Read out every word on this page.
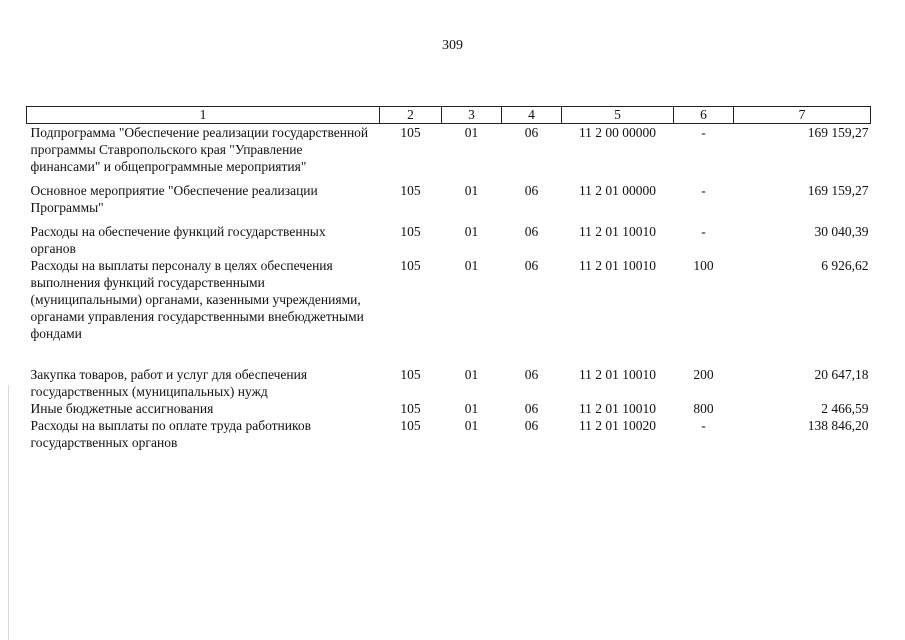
309
1	2	3	4	5	6	7
Подпрограмма "Обеспечение реализации государственной программы Ставропольского края "Управление финансами" и общепрограммные мероприятия"	105	01	06	11 2 00 00000	-	169 159,27
Основное мероприятие "Обеспечение реализации Программы"	105	01	06	11 2 01 00000	-	169 159,27
Расходы на обеспечение функций государственных органов	105	01	06	11 2 01 10010	-	30 040,39
Расходы на выплаты персоналу в целях обеспечения выполнения функций государственными (муниципальными) органами, казенными учреждениями, органами управления государственными внебюджетными фондами	105	01	06	11 2 01 10010	100	6 926,62
Закупка товаров, работ и услуг для обеспечения государственных (муниципальных) нужд	105	01	06	11 2 01 10010	200	20 647,18
Иные бюджетные ассигнования	105	01	06	11 2 01 10010	800	2 466,59
Расходы на выплаты по оплате труда работников государственных органов	105	01	06	11 2 01 10020	-	138 846,20
